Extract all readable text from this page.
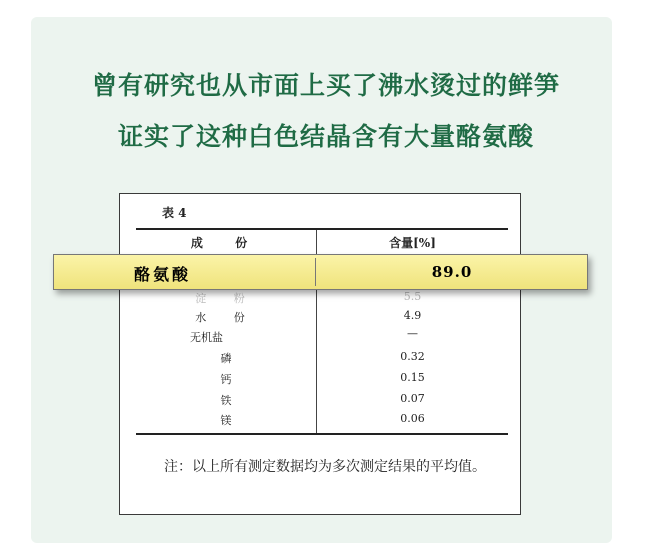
曾有研究也从市面上买了沸水烫过的鲜笋
证实了这种白色结晶含有大量酪氨酸
表 4
成 份	含量[%]
淀 粉	5.5
水 份	4.9
无机盐	—
磷	0.32
钙	0.15
铁	0.07
镁	0.06
注：以上所有测定数据均为多次测定结果的平均值。
酪氨酸	89.0
